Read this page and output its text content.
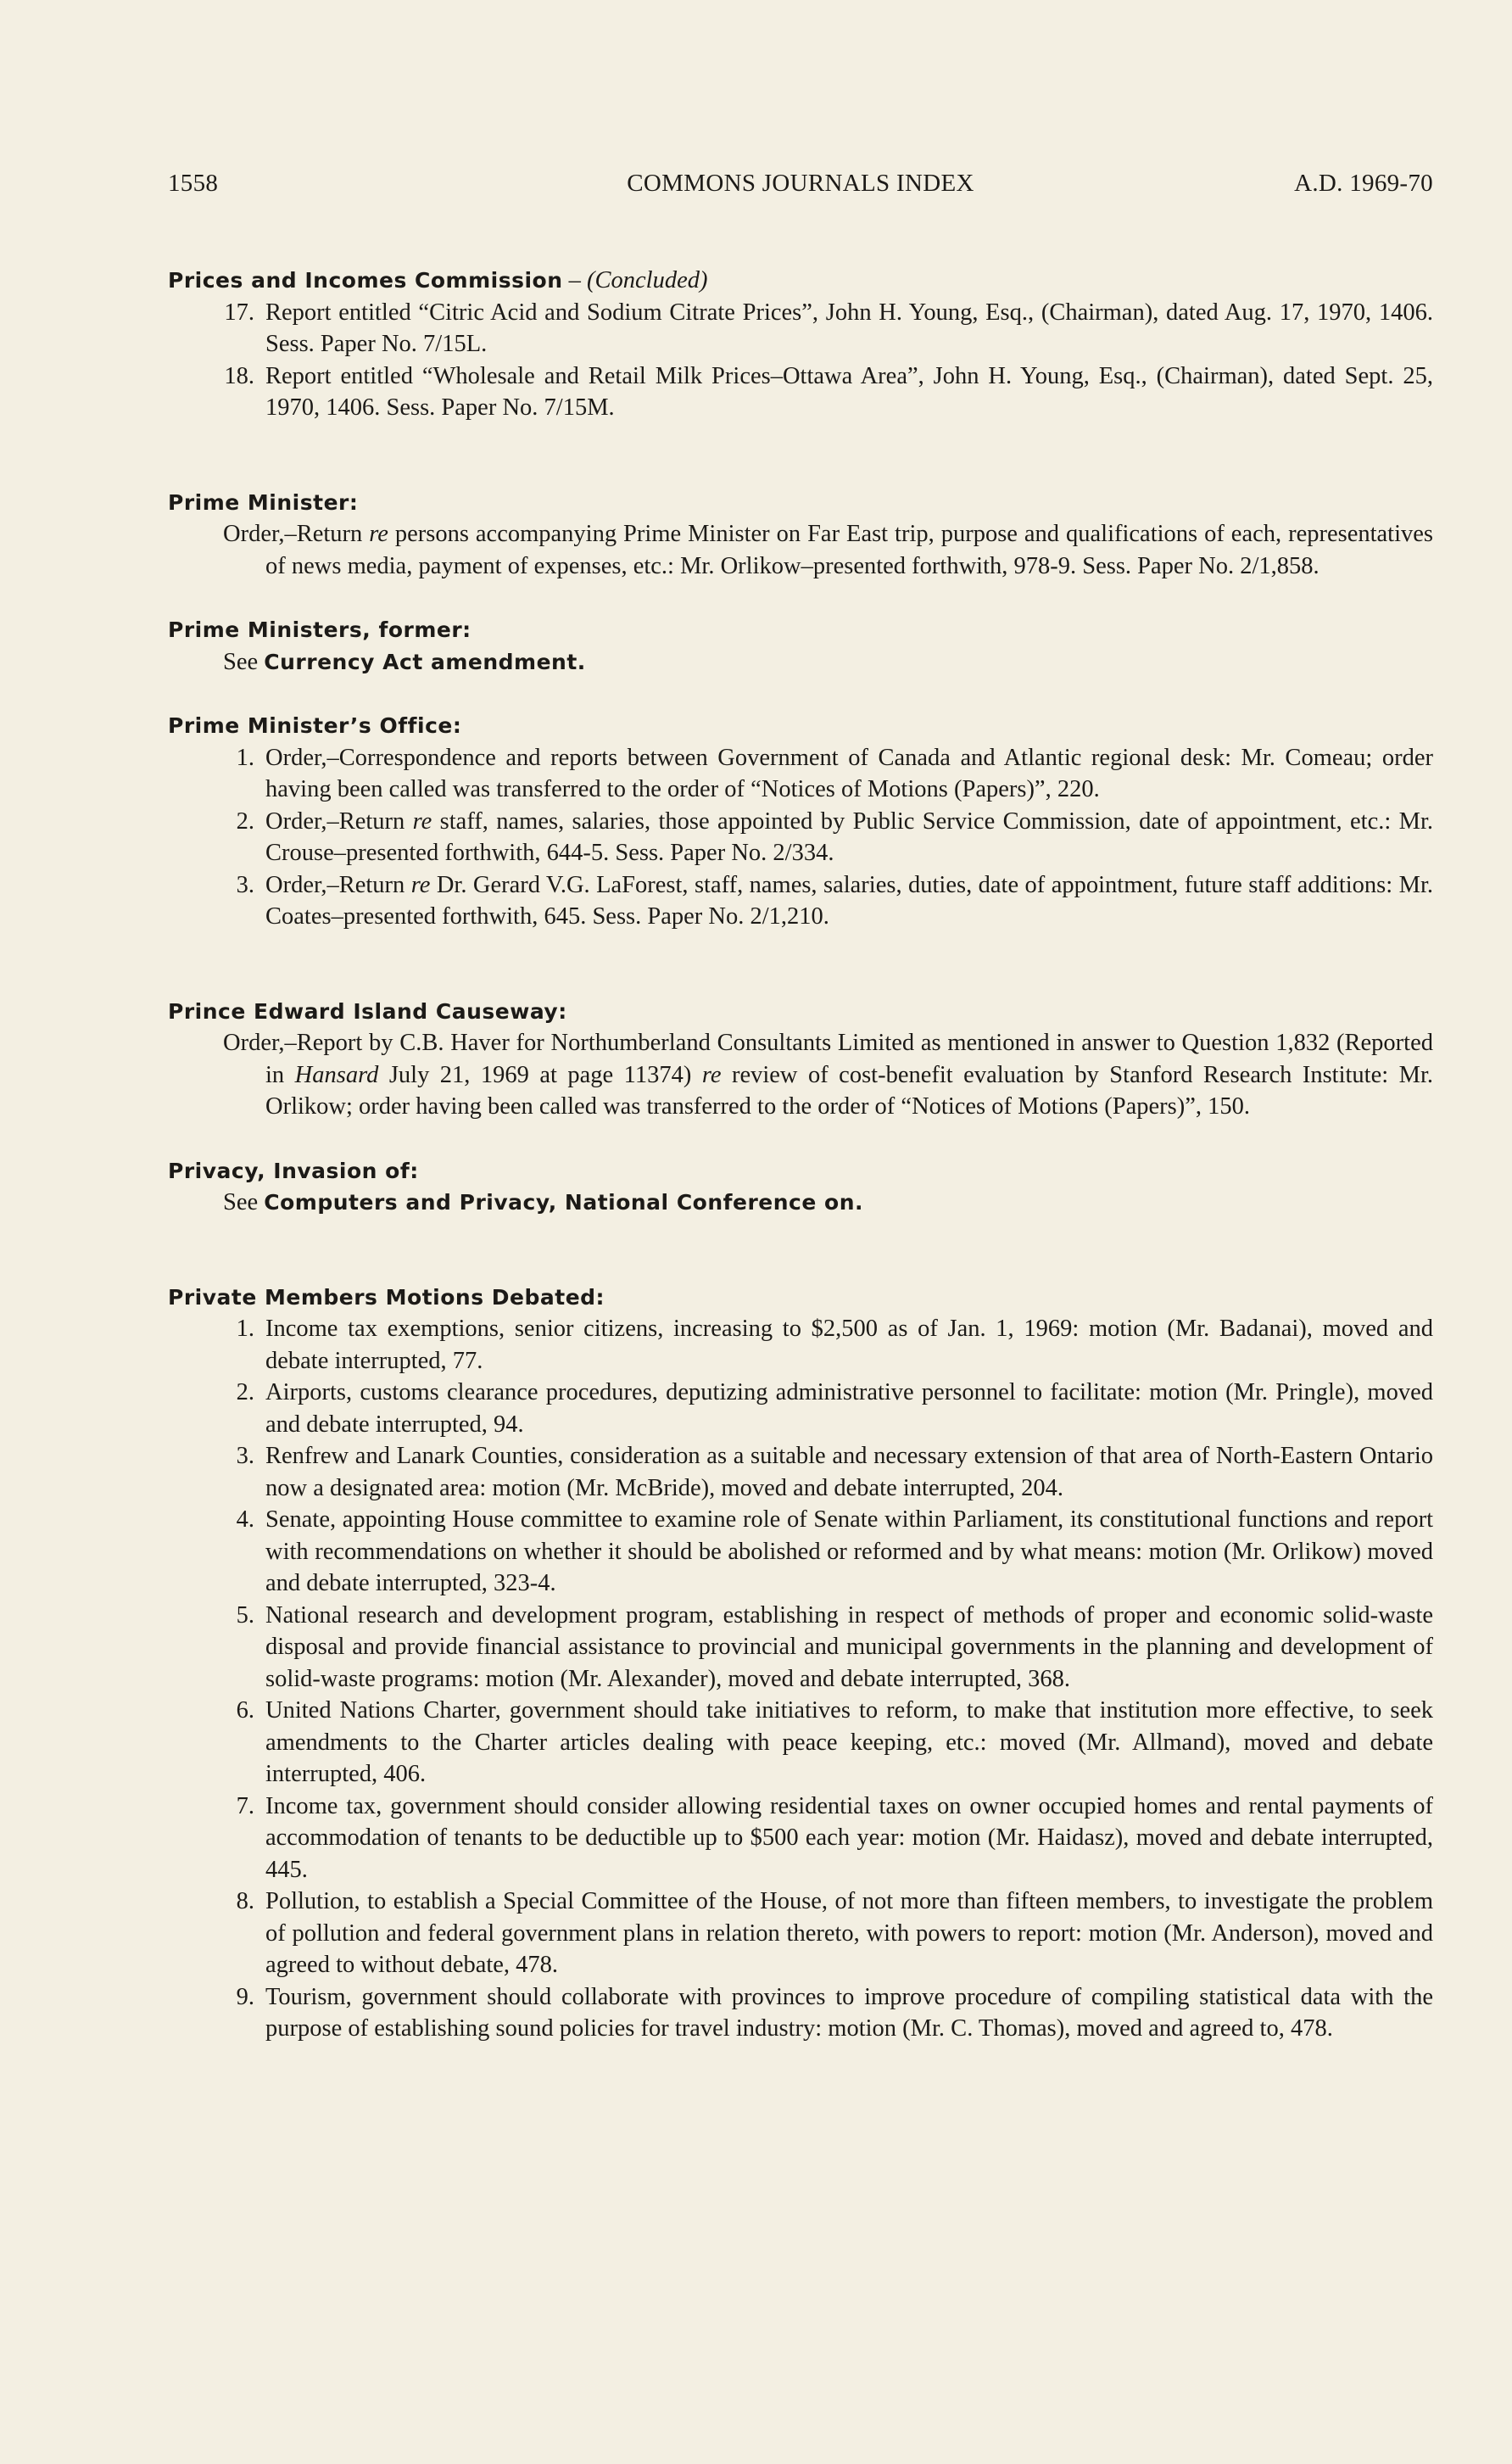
1558	COMMONS JOURNALS INDEX	A.D. 1969-70
Prices and Incomes Commission – (Concluded)
17. Report entitled “Citric Acid and Sodium Citrate Prices”, John H. Young, Esq., (Chairman), dated Aug. 17, 1970, 1406. Sess. Paper No. 7/15L.
18. Report entitled “Wholesale and Retail Milk Prices–Ottawa Area”, John H. Young, Esq., (Chairman), dated Sept. 25, 1970, 1406. Sess. Paper No. 7/15M.
Prime Minister:
Order,–Return re persons accompanying Prime Minister on Far East trip, purpose and qualifications of each, representatives of news media, payment of expenses, etc.: Mr. Orlikow–presented forthwith, 978-9. Sess. Paper No. 2/1,858.
Prime Ministers, former:
See Currency Act amendment.
Prime Minister’s Office:
1. Order,–Correspondence and reports between Government of Canada and Atlantic regional desk: Mr. Comeau; order having been called was transferred to the order of “Notices of Motions (Papers)”, 220.
2. Order,–Return re staff, names, salaries, those appointed by Public Service Commission, date of appointment, etc.: Mr. Crouse–presented forthwith, 644-5. Sess. Paper No. 2/334.
3. Order,–Return re Dr. Gerard V.G. LaForest, staff, names, salaries, duties, date of appointment, future staff additions: Mr. Coates–presented forthwith, 645. Sess. Paper No. 2/1,210.
Prince Edward Island Causeway:
Order,–Report by C.B. Haver for Northumberland Consultants Limited as mentioned in answer to Question 1,832 (Reported in Hansard July 21, 1969 at page 11374) re review of cost-benefit evaluation by Stanford Research Institute: Mr. Orlikow; order having been called was transferred to the order of “Notices of Motions (Papers)”, 150.
Privacy, Invasion of:
See Computers and Privacy, National Conference on.
Private Members Motions Debated:
1. Income tax exemptions, senior citizens, increasing to $2,500 as of Jan. 1, 1969: motion (Mr. Badanai), moved and debate interrupted, 77.
2. Airports, customs clearance procedures, deputizing administrative personnel to facilitate: motion (Mr. Pringle), moved and debate interrupted, 94.
3. Renfrew and Lanark Counties, consideration as a suitable and necessary extension of that area of North-Eastern Ontario now a designated area: motion (Mr. McBride), moved and debate interrupted, 204.
4. Senate, appointing House committee to examine role of Senate within Parliament, its constitutional functions and report with recommendations on whether it should be abolished or reformed and by what means: motion (Mr. Orlikow) moved and debate interrupted, 323-4.
5. National research and development program, establishing in respect of methods of proper and economic solid-waste disposal and provide financial assistance to provincial and municipal governments in the planning and development of solid-waste programs: motion (Mr. Alexander), moved and debate interrupted, 368.
6. United Nations Charter, government should take initiatives to reform, to make that institution more effective, to seek amendments to the Charter articles dealing with peace keeping, etc.: moved (Mr. Allmand), moved and debate interrupted, 406.
7. Income tax, government should consider allowing residential taxes on owner occupied homes and rental payments of accommodation of tenants to be deductible up to $500 each year: motion (Mr. Haidasz), moved and debate interrupted, 445.
8. Pollution, to establish a Special Committee of the House, of not more than fifteen members, to investigate the problem of pollution and federal government plans in relation thereto, with powers to report: motion (Mr. Anderson), moved and agreed to without debate, 478.
9. Tourism, government should collaborate with provinces to improve procedure of compiling statistical data with the purpose of establishing sound policies for travel industry: motion (Mr. C. Thomas), moved and agreed to, 478.
